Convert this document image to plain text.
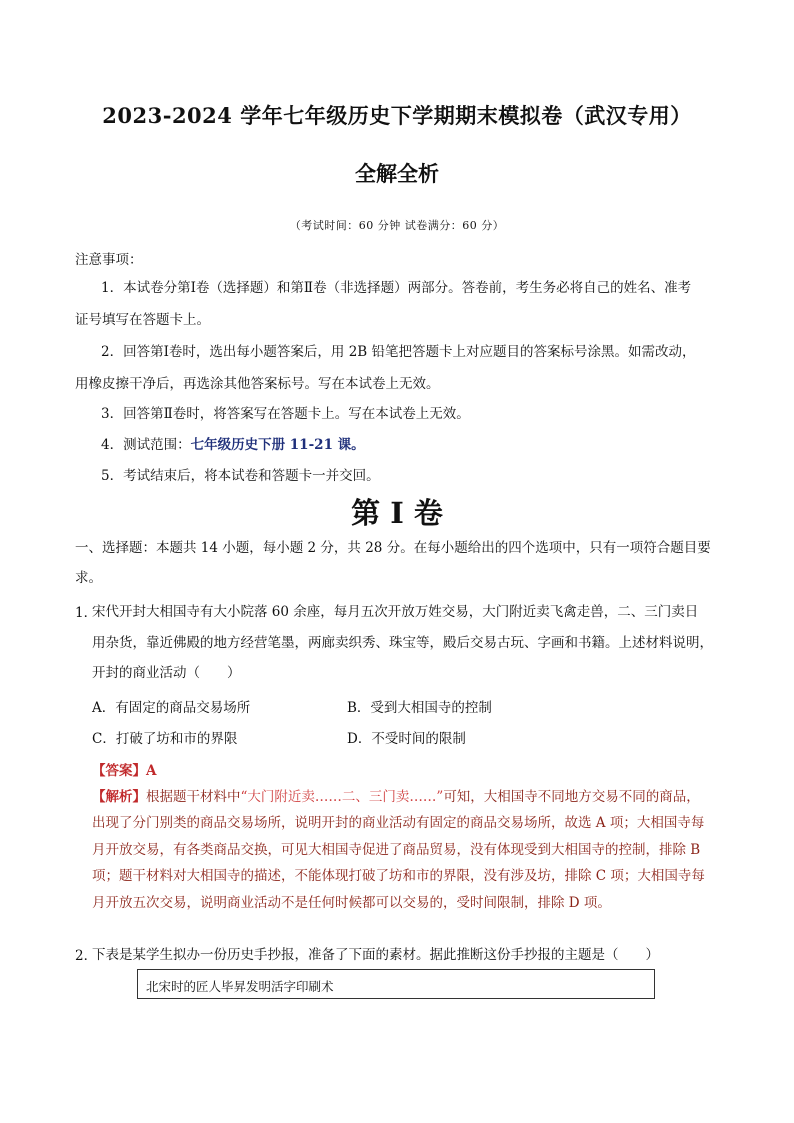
2023-2024 学年七年级历史下学期期末模拟卷（武汉专用）
全解全析
（考试时间：60 分钟 试卷满分：60 分）
注意事项：
1．本试卷分第Ⅰ卷（选择题）和第Ⅱ卷（非选择题）两部分。答卷前，考生务必将自己的姓名、准考
证号填写在答题卡上。
2．回答第Ⅰ卷时，选出每小题答案后，用 2B 铅笔把答题卡上对应题目的答案标号涂黑。如需改动，
用橡皮擦干净后，再选涂其他答案标号。写在本试卷上无效。
3．回答第Ⅱ卷时，将答案写在答题卡上。写在本试卷上无效。
4．测试范围：七年级历史下册 11-21 课。
5．考试结束后，将本试卷和答题卡一并交回。
第 I 卷
一、选择题：本题共 14 小题，每小题 2 分，共 28 分。在每小题给出的四个选项中，只有一项符合题目要
求。
1．
宋代开封大相国寺有大小院落 60 余座，每月五次开放万姓交易，大门附近卖飞禽走兽，二、三门卖日
用杂货，靠近佛殿的地方经营笔墨，两廊卖织秀、珠宝等，殿后交易古玩、字画和书籍。上述材料说明，
开封的商业活动（　　）
A．有固定的商品交易场所	B．受到大相国寺的控制
C．打破了坊和市的界限	D．不受时间的限制
【答案】A
【解析】根据题干材料中“大门附近卖……二、三门卖……”可知，大相国寺不同地方交易不同的商品，
出现了分门别类的商品交易场所，说明开封的商业活动有固定的商品交易场所，故选 A 项；大相国寺每
月开放交易，有各类商品交换，可见大相国寺促进了商品贸易，没有体现受到大相国寺的控制，排除 B
项；题干材料对大相国寺的描述，不能体现打破了坊和市的界限，没有涉及坊，排除 C 项；大相国寺每
月开放五次交易，说明商业活动不是任何时候都可以交易的，受时间限制，排除 D 项。
2．
下表是某学生拟办一份历史手抄报，准备了下面的素材。据此推断这份手抄报的主题是（　　）
北宋时的匠人毕昇发明活字印刷术
